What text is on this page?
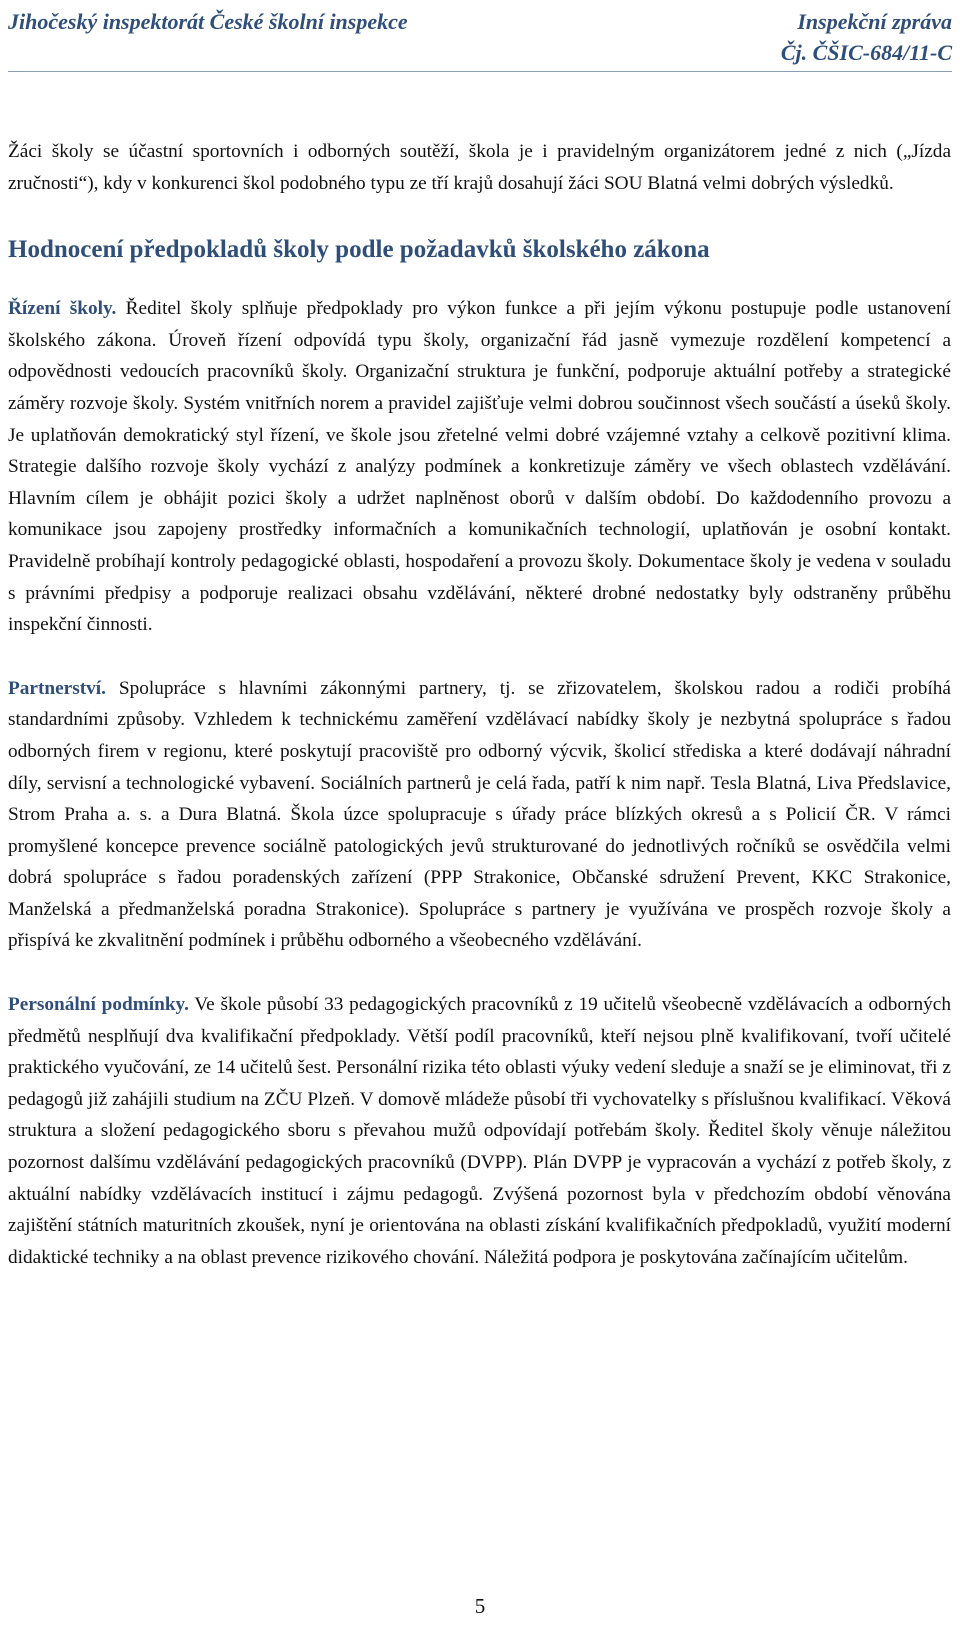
Jihočeský inspektorát České školní inspekce	Inspekční zpráva
Čj. ČŠIC-684/11-C

Žáci školy se účastní sportovních i odborných soutěží, škola je i pravidelným organizátorem jedné z nich („Jízda zručnosti“), kdy v konkurenci škol podobného typu ze tří krajů dosahují žáci SOU Blatná velmi dobrých výsledků.

Hodnocení předpokladů školy podle požadavků školského zákona

Řízení školy. Ředitel školy splňuje předpoklady pro výkon funkce a při jejím výkonu postupuje podle ustanovení školského zákona. Úroveň řízení odpovídá typu školy, organizační řád jasně vymezuje rozdělení kompetencí a odpovědnosti vedoucích pracovníků školy. Organizační struktura je funkční, podporuje aktuální potřeby a strategické záměry rozvoje školy. Systém vnitřních norem a pravidel zajišťuje velmi dobrou součinnost všech součástí a úseků školy. Je uplatňován demokratický styl řízení, ve škole jsou zřetelné velmi dobré vzájemné vztahy a celkově pozitivní klima. Strategie dalšího rozvoje školy vychází z analýzy podmínek a konkretizuje záměry ve všech oblastech vzdělávání. Hlavním cílem je obhájit pozici školy a udržet naplněnost oborů v dalším období. Do každodenního provozu a komunikace jsou zapojeny prostředky informačních a komunikačních technologií, uplatňován je osobní kontakt. Pravidelně probíhají kontroly pedagogické oblasti, hospodaření a provozu školy. Dokumentace školy je vedena v souladu s právními předpisy a podporuje realizaci obsahu vzdělávání, některé drobné nedostatky byly odstraněny průběhu inspekční činnosti.

Partnerství. Spolupráce s hlavními zákonnými partnery, tj. se zřizovatelem, školskou radou a rodiči probíhá standardními způsoby. Vzhledem k technickému zaměření vzdělávací nabídky školy je nezbytná spolupráce s řadou odborných firem v regionu, které poskytují pracoviště pro odborný výcvik, školicí střediska a které dodávají náhradní díly, servisní a technologické vybavení. Sociálních partnerů je celá řada, patří k nim např. Tesla Blatná, Liva Předslavice, Strom Praha a. s. a Dura Blatná. Škola úzce spolupracuje s úřady práce blízkých okresů a s Policií ČR. V rámci promyšlené koncepce prevence sociálně patologických jevů strukturované do jednotlivých ročníků se osvědčila velmi dobrá spolupráce s řadou poradenských zařízení (PPP Strakonice, Občanské sdružení Prevent, KKC Strakonice, Manželská a předmanželská poradna Strakonice). Spolupráce s partnery je využívána ve prospěch rozvoje školy a přispívá ke zkvalitnění podmínek i průběhu odborného a všeobecného vzdělávání.

Personální podmínky. Ve škole působí 33 pedagogických pracovníků z 19 učitelů všeobecně vzdělávacích a odborných předmětů nesplňují dva kvalifikační předpoklady. Větší podíl pracovníků, kteří nejsou plně kvalifikovaní, tvoří učitelé praktického vyučování, ze 14 učitelů šest. Personální rizika této oblasti výuky vedení sleduje a snaží se je eliminovat, tři z pedagogů již zahájili studium na ZČU Plzeň. V domově mládeže působí tři vychovatelky s příslušnou kvalifikací. Věková struktura a složení pedagogického sboru s převahou mužů odpovídají potřebám školy. Ředitel školy věnuje náležitou pozornost dalšímu vzdělávání pedagogických pracovníků (DVPP). Plán DVPP je vypracován a vychází z potřeb školy, z aktuální nabídky vzdělávacích institucí i zájmu pedagogů. Zvýšená pozornost byla v předchozím období věnována zajištění státních maturitních zkoušek, nyní je orientována na oblasti získání kvalifikačních předpokladů, využití moderní didaktické techniky a na oblast prevence rizikového chování. Náležitá podpora je poskytována začínajícím učitelům.

5
